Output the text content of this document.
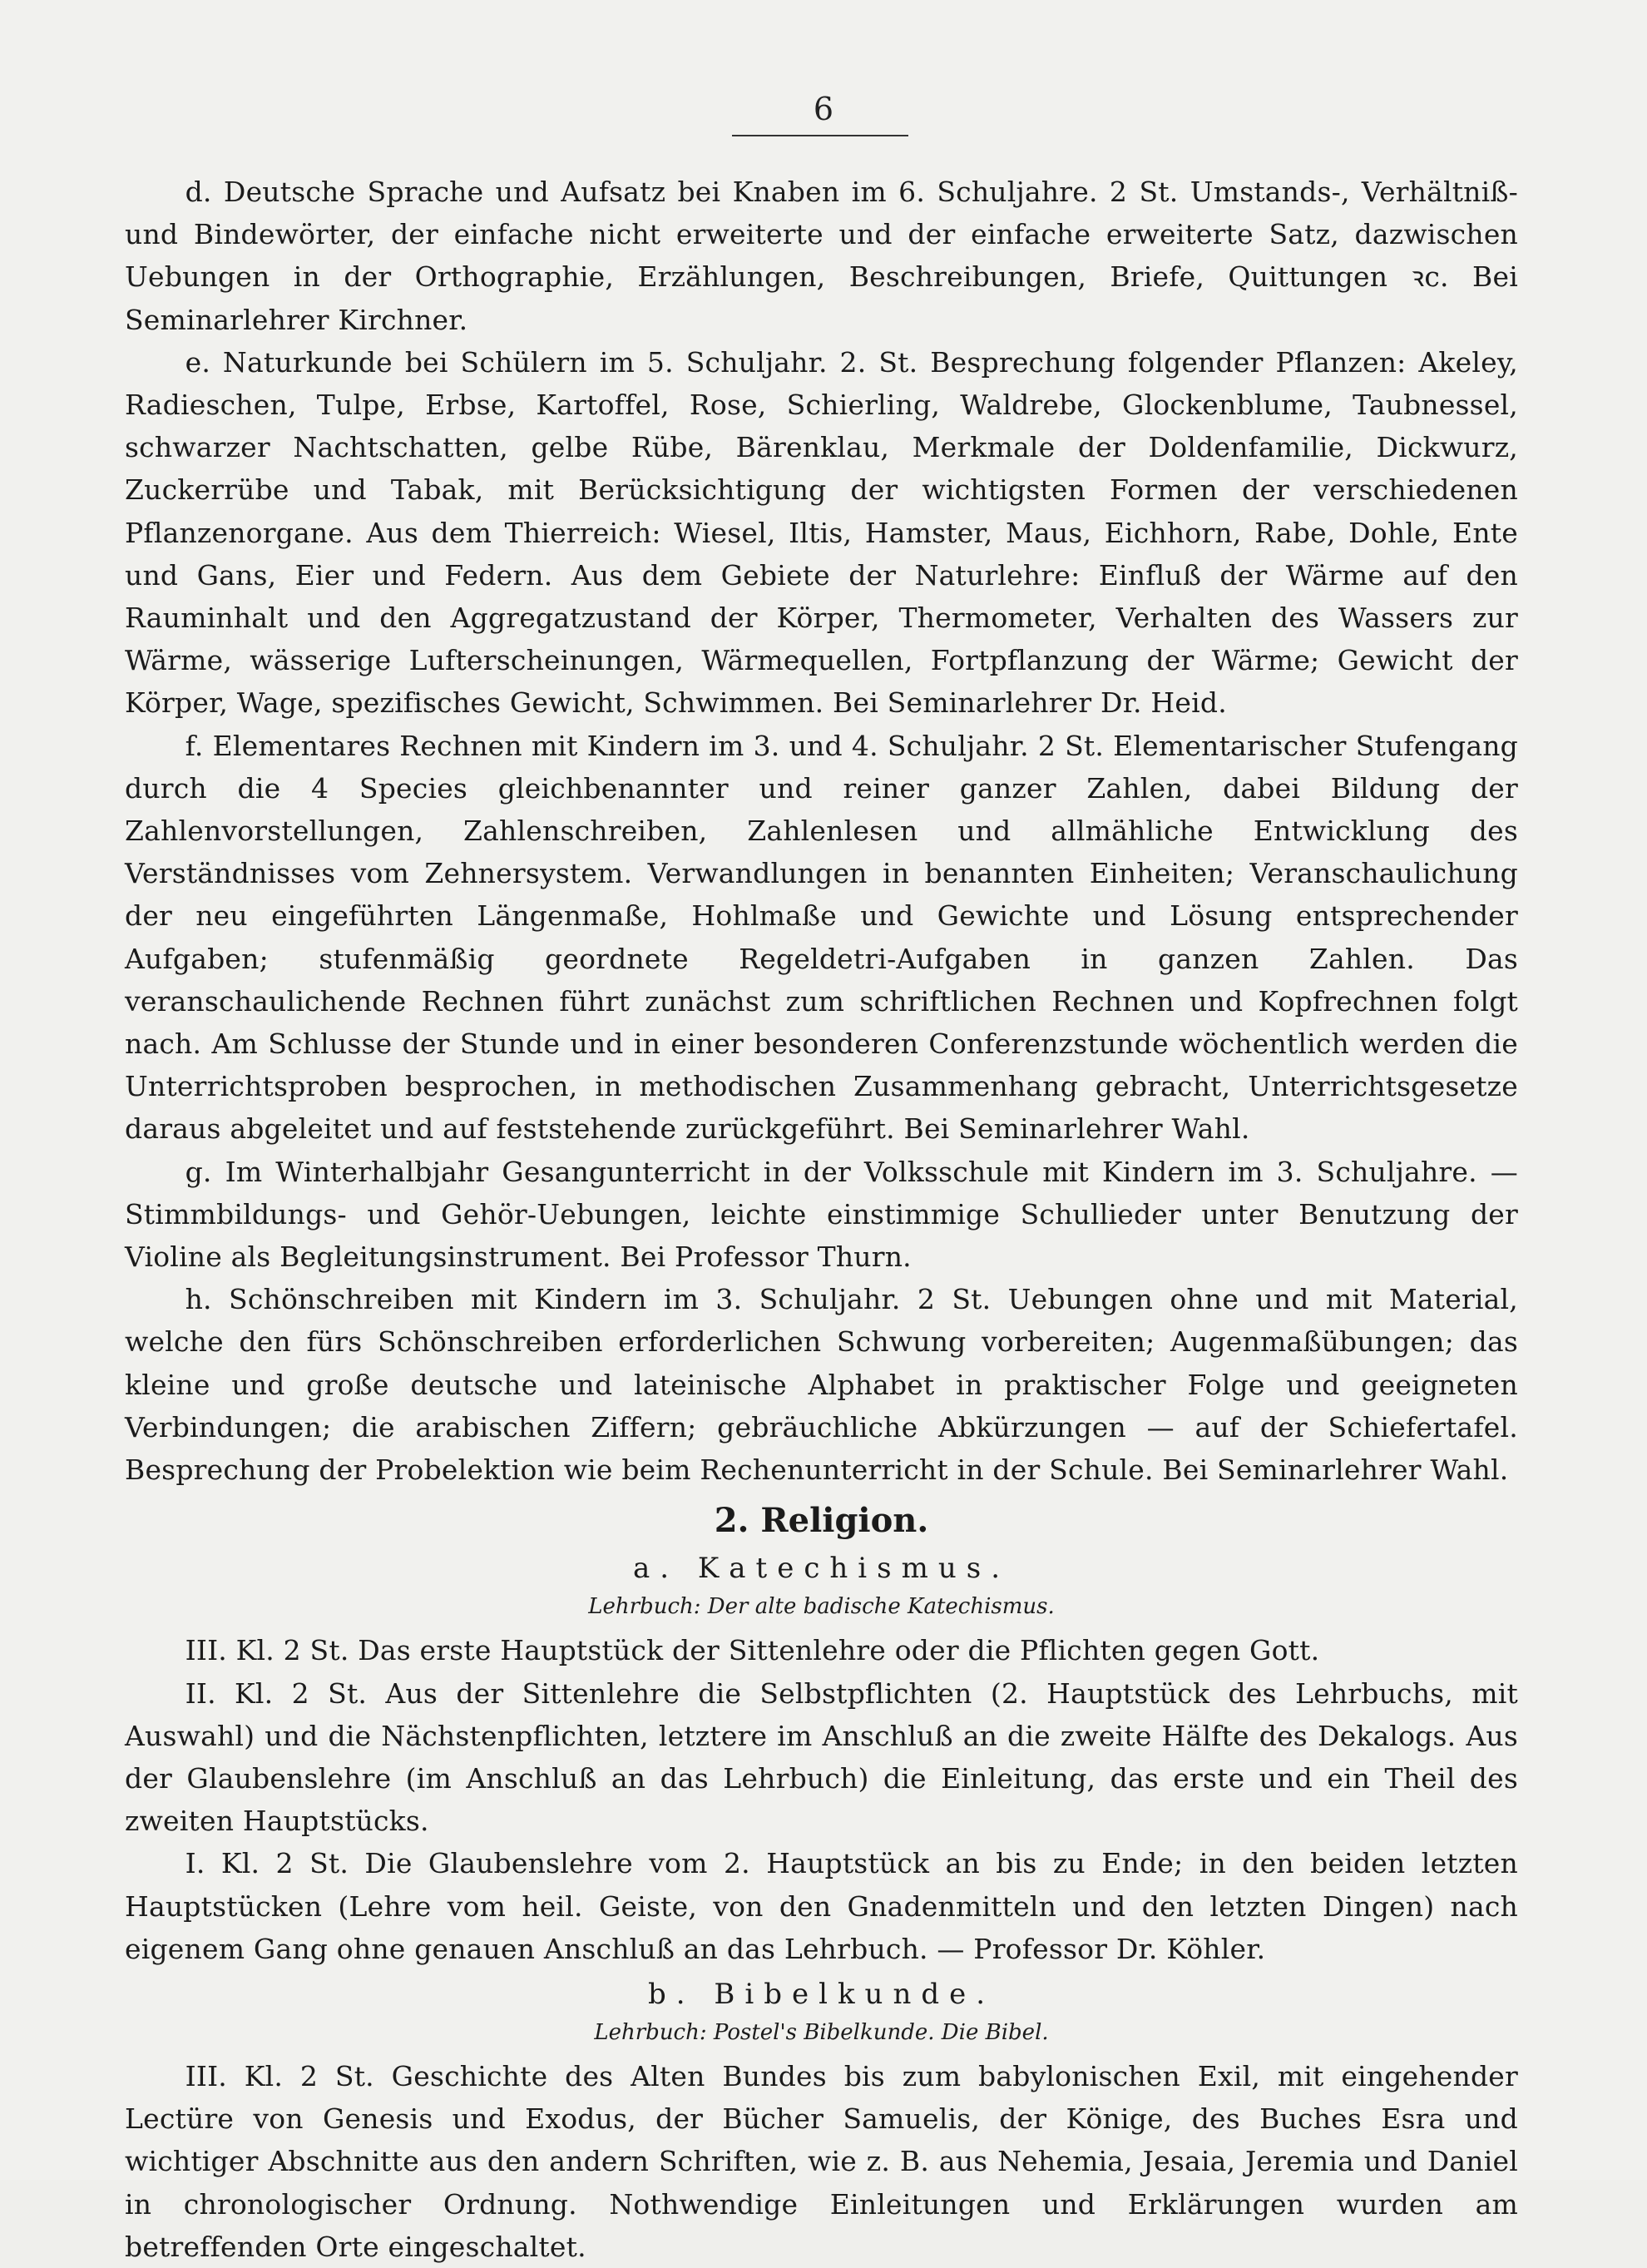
6

d. Deutsche Sprache und Aufsatz bei Knaben im 6. Schuljahre. 2 St. Umstands-, Verhältniß- und Bindewörter, der einfache nicht erweiterte und der einfache erweiterte Satz, dazwischen Uebungen in der Orthographie, Erzählungen, Beschreibungen, Briefe, Quittungen ꝛc. Bei Seminarlehrer Kirchner.

e. Naturkunde bei Schülern im 5. Schuljahr. 2. St. Besprechung folgender Pflanzen: Akeley, Radieschen, Tulpe, Erbse, Kartoffel, Rose, Schierling, Waldrebe, Glockenblume, Taubnessel, schwarzer Nachtschatten, gelbe Rübe, Bärenklau, Merkmale der Doldenfamilie, Dickwurz, Zuckerrübe und Tabak, mit Berücksichtigung der wichtigsten Formen der verschiedenen Pflanzenorgane. Aus dem Thierreich: Wiesel, Iltis, Hamster, Maus, Eichhorn, Rabe, Dohle, Ente und Gans, Eier und Federn. Aus dem Gebiete der Naturlehre: Einfluß der Wärme auf den Rauminhalt und den Aggregatzustand der Körper, Thermometer, Verhalten des Wassers zur Wärme, wässerige Lufterscheinungen, Wärmequellen, Fortpflanzung der Wärme; Gewicht der Körper, Wage, spezifisches Gewicht, Schwimmen. Bei Seminarlehrer Dr. Heid.

f. Elementares Rechnen mit Kindern im 3. und 4. Schuljahr. 2 St. Elementarischer Stufengang durch die 4 Species gleichbenannter und reiner ganzer Zahlen, dabei Bildung der Zahlenvorstellungen, Zahlenschreiben, Zahlenlesen und allmähliche Entwicklung des Verständnisses vom Zehnersystem. Verwandlungen in benannten Einheiten; Veranschaulichung der neu eingeführten Längenmaße, Hohlmaße und Gewichte und Lösung entsprechender Aufgaben; stufenmäßig geordnete Regeldetri-Aufgaben in ganzen Zahlen. Das veranschaulichende Rechnen führt zunächst zum schriftlichen Rechnen und Kopfrechnen folgt nach. Am Schlusse der Stunde und in einer besonderen Conferenzstunde wöchentlich werden die Unterrichtsproben besprochen, in methodischen Zusammenhang gebracht, Unterrichtsgesetze daraus abgeleitet und auf feststehende zurückgeführt. Bei Seminarlehrer Wahl.

g. Im Winterhalbjahr Gesangunterricht in der Volksschule mit Kindern im 3. Schuljahre. — Stimmbildungs- und Gehör-Uebungen, leichte einstimmige Schullieder unter Benutzung der Violine als Begleitungsinstrument. Bei Professor Thurn.

h. Schönschreiben mit Kindern im 3. Schuljahr. 2 St. Uebungen ohne und mit Material, welche den fürs Schönschreiben erforderlichen Schwung vorbereiten; Augenmaßübungen; das kleine und große deutsche und lateinische Alphabet in praktischer Folge und geeigneten Verbindungen; die arabischen Ziffern; gebräuchliche Abkürzungen — auf der Schiefertafel. Besprechung der Probelektion wie beim Rechenunterricht in der Schule. Bei Seminarlehrer Wahl.

2. Religion.
a. Katechismus.
Lehrbuch: Der alte badische Katechismus.

III. Kl. 2 St. Das erste Hauptstück der Sittenlehre oder die Pflichten gegen Gott.

II. Kl. 2 St. Aus der Sittenlehre die Selbstpflichten (2. Hauptstück des Lehrbuchs, mit Auswahl) und die Nächstenpflichten, letztere im Anschluß an die zweite Hälfte des Dekalogs. Aus der Glaubenslehre (im Anschluß an das Lehrbuch) die Einleitung, das erste und ein Theil des zweiten Hauptstücks.

I. Kl. 2 St. Die Glaubenslehre vom 2. Hauptstück an bis zu Ende; in den beiden letzten Hauptstücken (Lehre vom heil. Geiste, von den Gnadenmitteln und den letzten Dingen) nach eigenem Gang ohne genauen Anschluß an das Lehrbuch. — Professor Dr. Köhler.

b. Bibelkunde.
Lehrbuch: Postel's Bibelkunde. Die Bibel.

III. Kl. 2 St. Geschichte des Alten Bundes bis zum babylonischen Exil, mit eingehender Lectüre von Genesis und Exodus, der Bücher Samuelis, der Könige, des Buches Esra und wichtiger Abschnitte aus den andern Schriften, wie z. B. aus Nehemia, Jesaia, Jeremia und Daniel in chronologischer Ordnung. Nothwendige Einleitungen und Erklärungen wurden am betreffenden Orte eingeschaltet.
